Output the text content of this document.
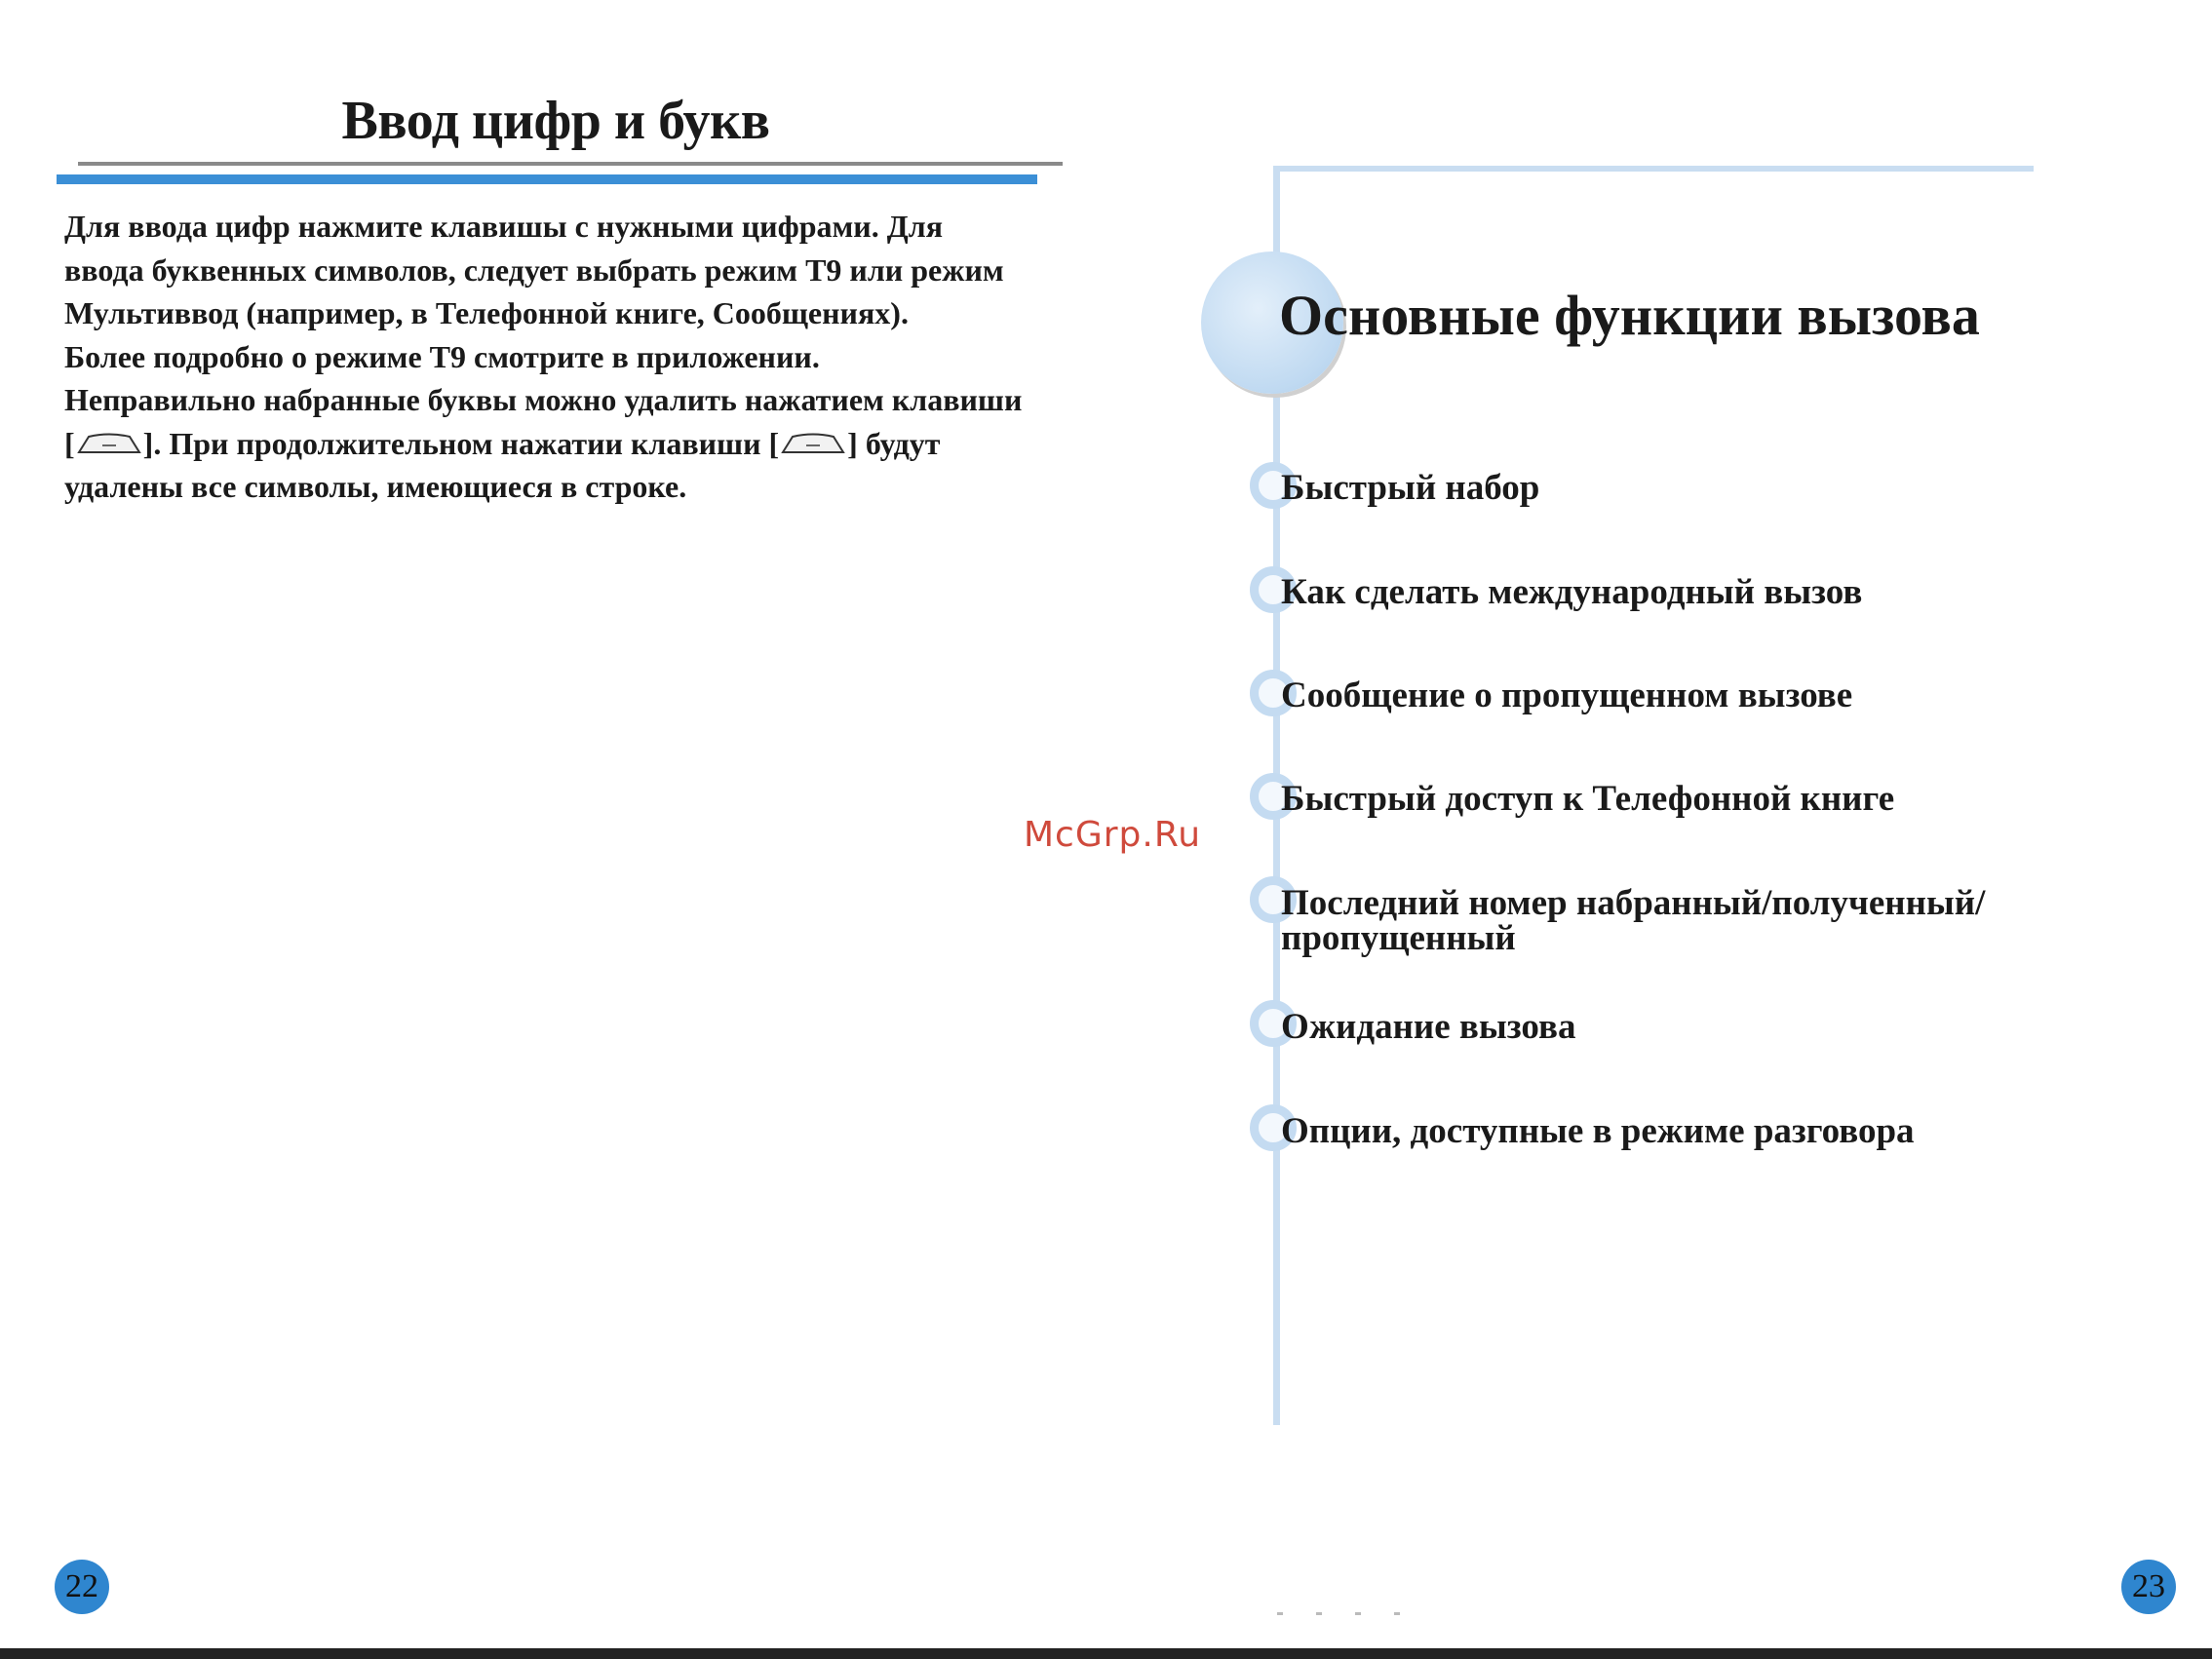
Ввод цифр и букв

Для ввода цифр нажмите клавишы с нужными цифрами. Для

ввода буквенных символов, следует выбрать режим Т9 или режим

Мультиввод (например, в Телефонной книге, Сообщениях).

Более подробно о режиме Т9 смотрите в приложении.

Неправильно набранные буквы можно удалить нажатием клавиши

[ ]. При продолжительном нажатии клавиши [ ] будут

удалены все символы, имеющиеся в строке.

22
Основные функции вызова
Быстрый набор
Как сделать международный вызов
Сообщение о пропущенном вызове
Быстрый доступ к Телефонной книге
Последний номер набранный/полученный/ пропущенный
Ожидание вызова
Опции, доступные в режиме разговора
23
McGrp.Ru
